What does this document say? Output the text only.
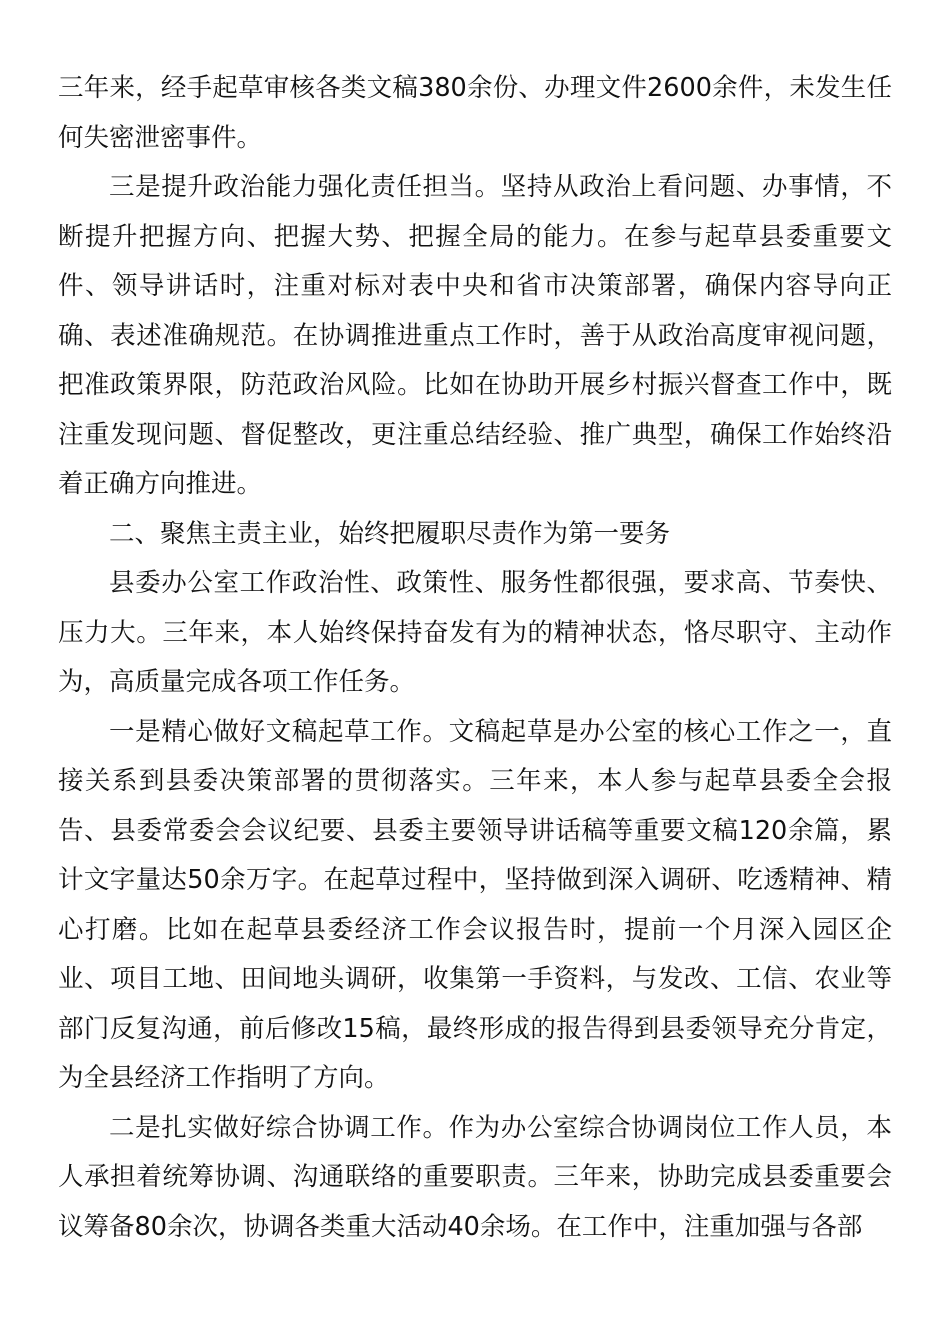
三年来，经手起草审核各类文稿380余份、办理文件2600余件，未发生任何失密泄密事件。

三是提升政治能力强化责任担当。坚持从政治上看问题、办事情，不断提升把握方向、把握大势、把握全局的能力。在参与起草县委重要文件、领导讲话时，注重对标对表中央和省市决策部署，确保内容导向正确、表述准确规范。在协调推进重点工作时，善于从政治高度审视问题，把准政策界限，防范政治风险。比如在协助开展乡村振兴督查工作中，既注重发现问题、督促整改，更注重总结经验、推广典型，确保工作始终沿着正确方向推进。

二、聚焦主责主业，始终把履职尽责作为第一要务

县委办公室工作政治性、政策性、服务性都很强，要求高、节奏快、压力大。三年来，本人始终保持奋发有为的精神状态，恪尽职守、主动作为，高质量完成各项工作任务。

一是精心做好文稿起草工作。文稿起草是办公室的核心工作之一，直接关系到县委决策部署的贯彻落实。三年来，本人参与起草县委全会报告、县委常委会会议纪要、县委主要领导讲话稿等重要文稿120余篇，累计文字量达50余万字。在起草过程中，坚持做到深入调研、吃透精神、精心打磨。比如在起草县委经济工作会议报告时，提前一个月深入园区企业、项目工地、田间地头调研，收集第一手资料，与发改、工信、农业等部门反复沟通，前后修改15稿，最终形成的报告得到县委领导充分肯定，为全县经济工作指明了方向。

二是扎实做好综合协调工作。作为办公室综合协调岗位工作人员，本人承担着统筹协调、沟通联络的重要职责。三年来，协助完成县委重要会议筹备80余次，协调各类重大活动40余场。在工作中，注重加强与各部
